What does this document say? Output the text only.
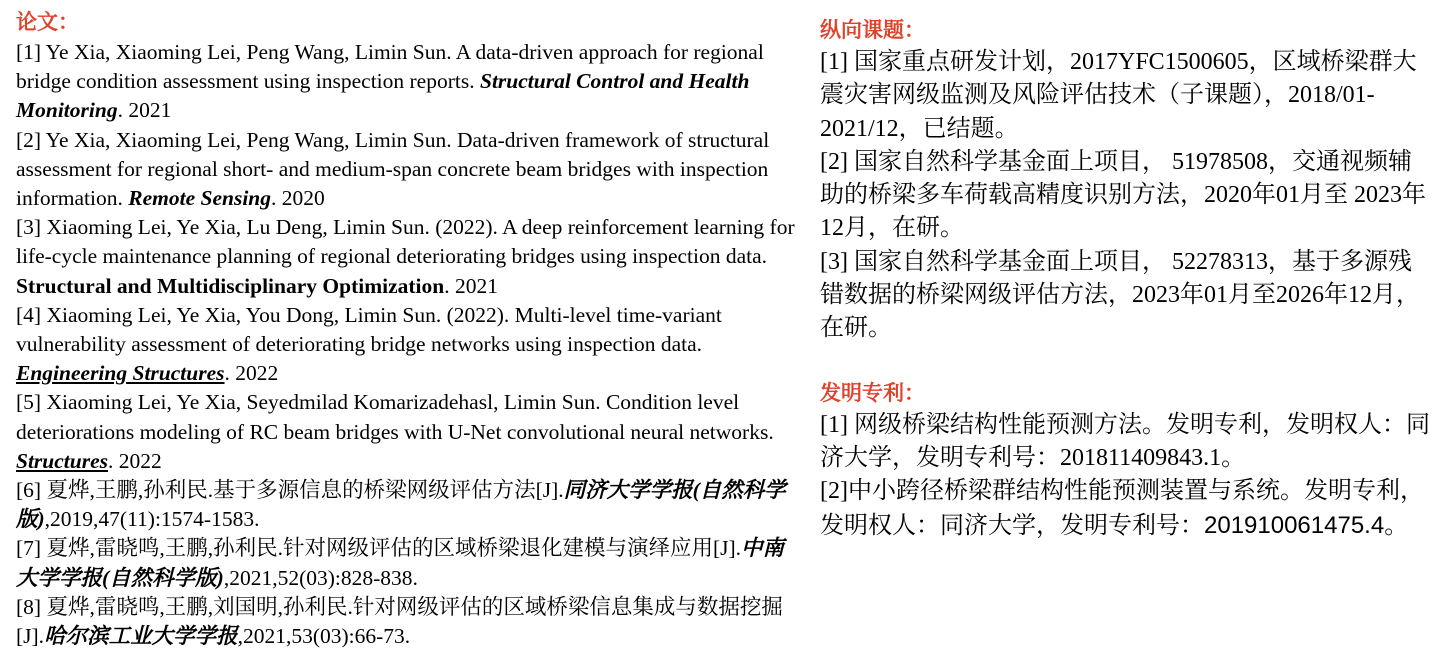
论文：
[1] Ye Xia, Xiaoming Lei, Peng Wang, Limin Sun. A data-driven approach for regional bridge condition assessment using inspection reports. Structural Control and Health Monitoring. 2021
[2] Ye Xia, Xiaoming Lei, Peng Wang, Limin Sun. Data-driven framework of structural assessment for regional short- and medium-span concrete beam bridges with inspection information. Remote Sensing. 2020
[3] Xiaoming Lei, Ye Xia, Lu Deng, Limin Sun. (2022). A deep reinforcement learning for life-cycle maintenance planning of regional deteriorating bridges using inspection data. Structural and Multidisciplinary Optimization. 2021
[4] Xiaoming Lei, Ye Xia, You Dong, Limin Sun. (2022). Multi-level time-variant vulnerability assessment of deteriorating bridge networks using inspection data. Engineering Structures. 2022
[5] Xiaoming Lei, Ye Xia, Seyedmilad Komarizadehasl, Limin Sun. Condition level deteriorations modeling of RC beam bridges with U-Net convolutional neural networks. Structures. 2022
[6] 夏烨,王鹏,孙利民.基于多源信息的桥梁网级评估方法[J].同济大学学报(自然科学版),2019,47(11):1574-1583.
[7] 夏烨,雷晓鸣,王鹏,孙利民.针对网级评估的区域桥梁退化建模与演绎应用[J].中南大学学报(自然科学版),2021,52(03):828-838.
[8] 夏烨,雷晓鸣,王鹏,刘国明,孙利民.针对网级评估的区域桥梁信息集成与数据挖掘[J].哈尔滨工业大学学报,2021,53(03):66-73.
纵向课题：
[1] 国家重点研发计划，2017YFC1500605，区域桥梁群大震灾害网级监测及风险评估技术（子课题），2018/01-2021/12，已结题。
[2] 国家自然科学基金面上项目， 51978508，交通视频辅助的桥梁多车荷载高精度识别方法，2020年01月至 2023年 12月，在研。
[3] 国家自然科学基金面上项目， 52278313，基于多源残错数据的桥梁网级评估方法，2023年01月至2026年12月，在研。
发明专利：
[1] 网级桥梁结构性能预测方法。发明专利，发明权人：同济大学，发明专利号：201811409843.1。
[2]中小跨径桥梁群结构性能预测装置与系统。发明专利，发明权人：同济大学，发明专利号：201910061475.4。
